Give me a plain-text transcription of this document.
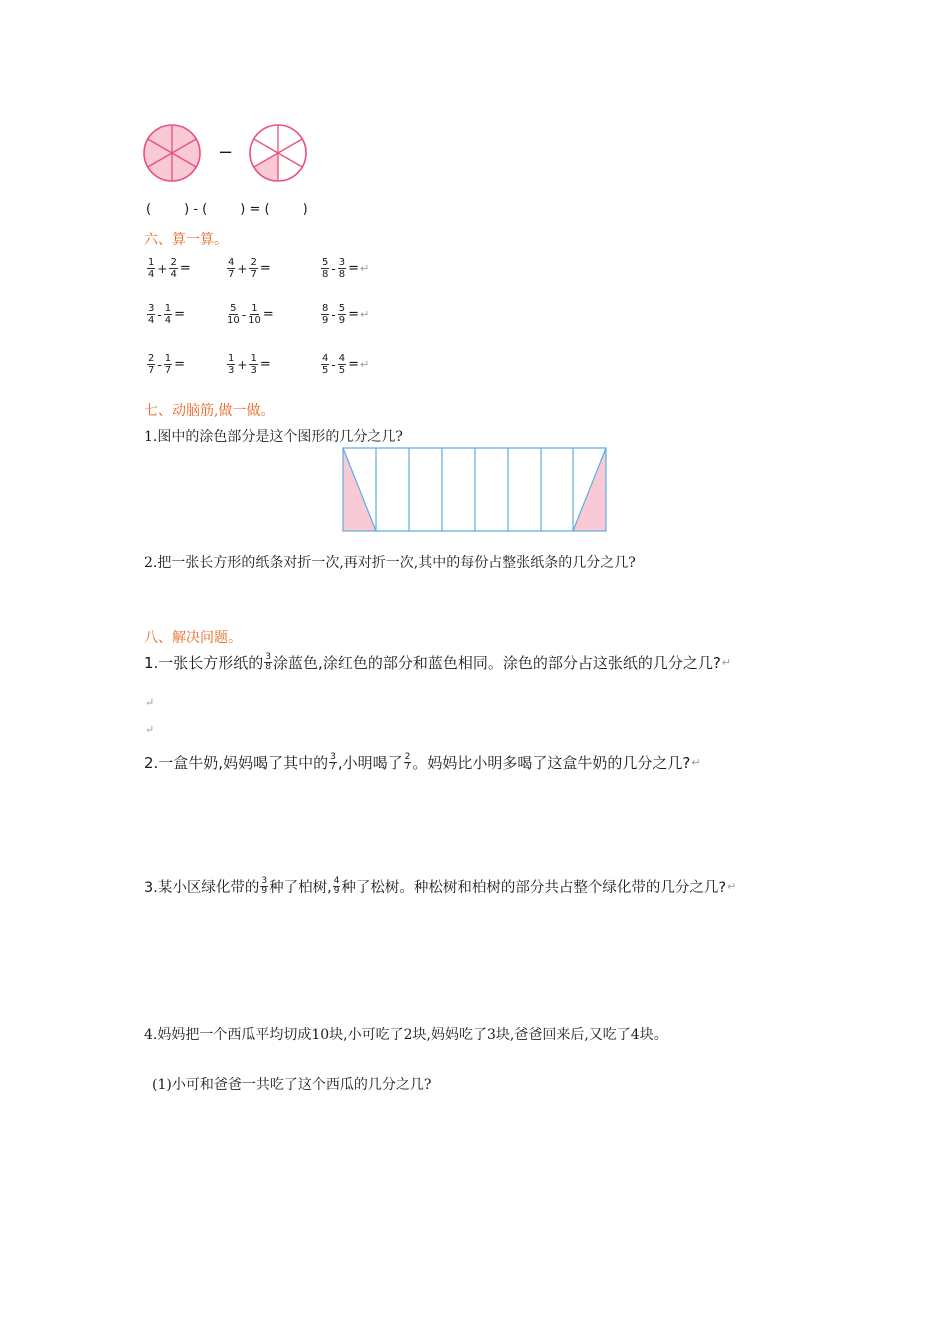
−
(        ) - (        ) = (        )
六、算一算。
$\frac{1}{4} + \frac{2}{4}$ =	$\frac{4}{7} + \frac{2}{7}$ =	$\frac{5}{8} - \frac{3}{8}$ = ↵
$\frac{3}{4} - \frac{1}{4}$ =	$\frac{5}{10} - \frac{1}{10}$ =	$\frac{8}{9} - \frac{5}{9}$ = ↵
$\frac{2}{7} - \frac{1}{7}$ =	$\frac{1}{3} + \frac{1}{3}$ =	$\frac{4}{5} - \frac{4}{5}$ = ↵
七、动脑筋,做一做。
1.图中的涂色部分是这个图形的几分之几?
2.把一张长方形的纸条对折一次,再对折一次,其中的每份占整张纸条的几分之几?
八、解决问题。
1.一张长方形纸的 $\frac{3}{8}$ 涂蓝色,涂红色的部分和蓝色相同。涂色的部分占这张纸的几分之几? ↵
↵
↵
2.一盒牛奶,妈妈喝了其中的 $\frac{3}{7}$ ,小明喝了 $\frac{2}{7}$ 。妈妈比小明多喝了这盒牛奶的几分之几? ↵
3.某小区绿化带的 $\frac{3}{9}$ 种了柏树, $\frac{4}{9}$ 种了松树。种松树和柏树的部分共占整个绿化带的几分之几? ↵
4.妈妈把一个西瓜平均切成10块,小可吃了2块,妈妈吃了3块,爸爸回来后,又吃了4块。
(1)小可和爸爸一共吃了这个西瓜的几分之几?
